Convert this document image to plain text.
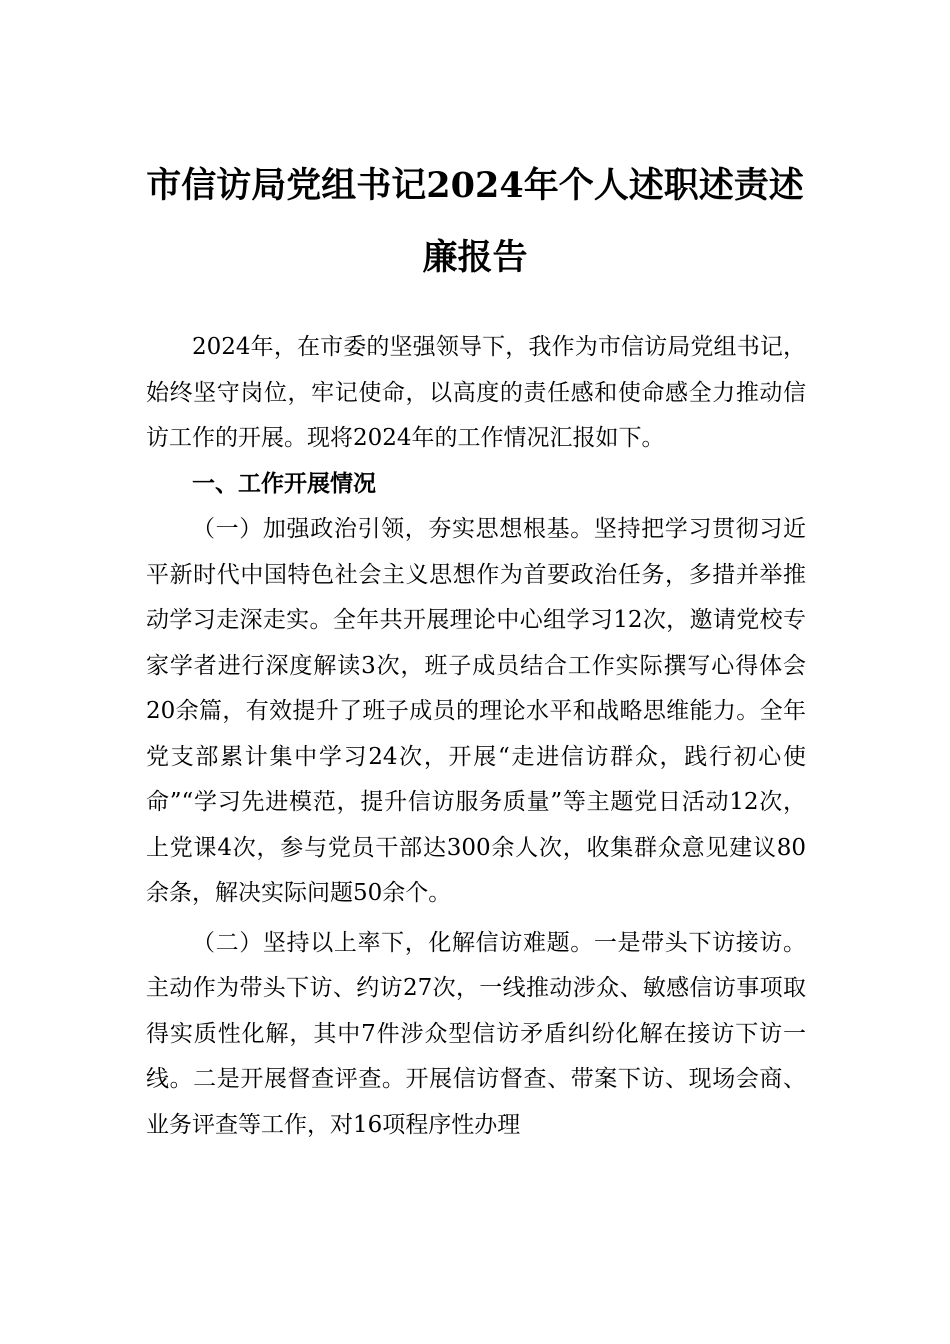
市信访局党组书记2024年个人述职述责述
廉报告

2024年，在市委的坚强领导下，我作为市信访局党组书记，始终坚守岗位，牢记使命，以高度的责任感和使命感全力推动信访工作的开展。现将2024年的工作情况汇报如下。

一、工作开展情况

（一）加强政治引领，夯实思想根基。坚持把学习贯彻习近平新时代中国特色社会主义思想作为首要政治任务，多措并举推动学习走深走实。全年共开展理论中心组学习12次，邀请党校专家学者进行深度解读3次，班子成员结合工作实际撰写心得体会20余篇，有效提升了班子成员的理论水平和战略思维能力。全年党支部累计集中学习24次，开展“走进信访群众，践行初心使命”“学习先进模范，提升信访服务质量”等主题党日活动12次，上党课4次，参与党员干部达300余人次，收集群众意见建议80余条，解决实际问题50余个。

（二）坚持以上率下，化解信访难题。一是带头下访接访。主动作为带头下访、约访27次，一线推动涉众、敏感信访事项取得实质性化解，其中7件涉众型信访矛盾纠纷化解在接访下访一线。二是开展督查评查。开展信访督查、带案下访、现场会商、业务评查等工作，对16项程序性办理
